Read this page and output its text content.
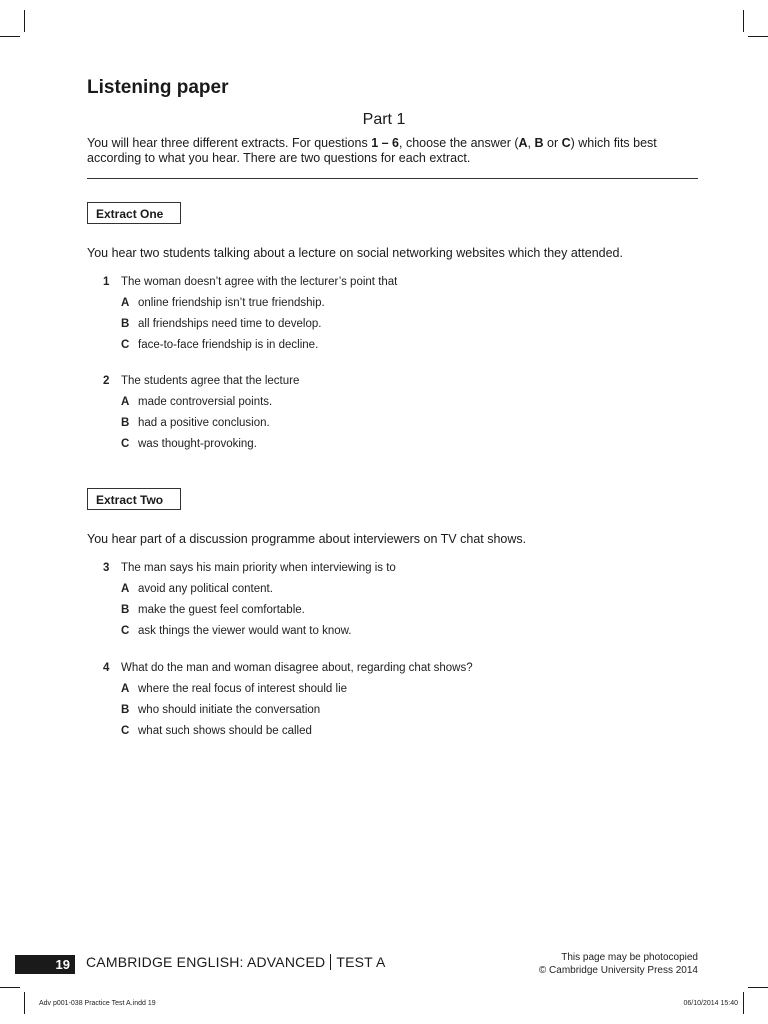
Listening paper
Part 1
You will hear three different extracts. For questions 1 – 6, choose the answer (A, B or C) which fits best according to what you hear. There are two questions for each extract.
Extract One
You hear two students talking about a lecture on social networking websites which they attended.
1 The woman doesn’t agree with the lecturer’s point that
A online friendship isn’t true friendship.
B all friendships need time to develop.
C face-to-face friendship is in decline.
2 The students agree that the lecture
A made controversial points.
B had a positive conclusion.
C was thought-provoking.
Extract Two
You hear part of a discussion programme about interviewers on TV chat shows.
3 The man says his main priority when interviewing is to
A avoid any political content.
B make the guest feel comfortable.
C ask things the viewer would want to know.
4 What do the man and woman disagree about, regarding chat shows?
A where the real focus of interest should lie
B who should initiate the conversation
C what such shows should be called
19	CAMBRIDGE ENGLISH: ADVANCED TEST A	This page may be photocopied
© Cambridge University Press 2014
Adv p001-038 Practice Test A.indd 19	06/10/2014 15:40
